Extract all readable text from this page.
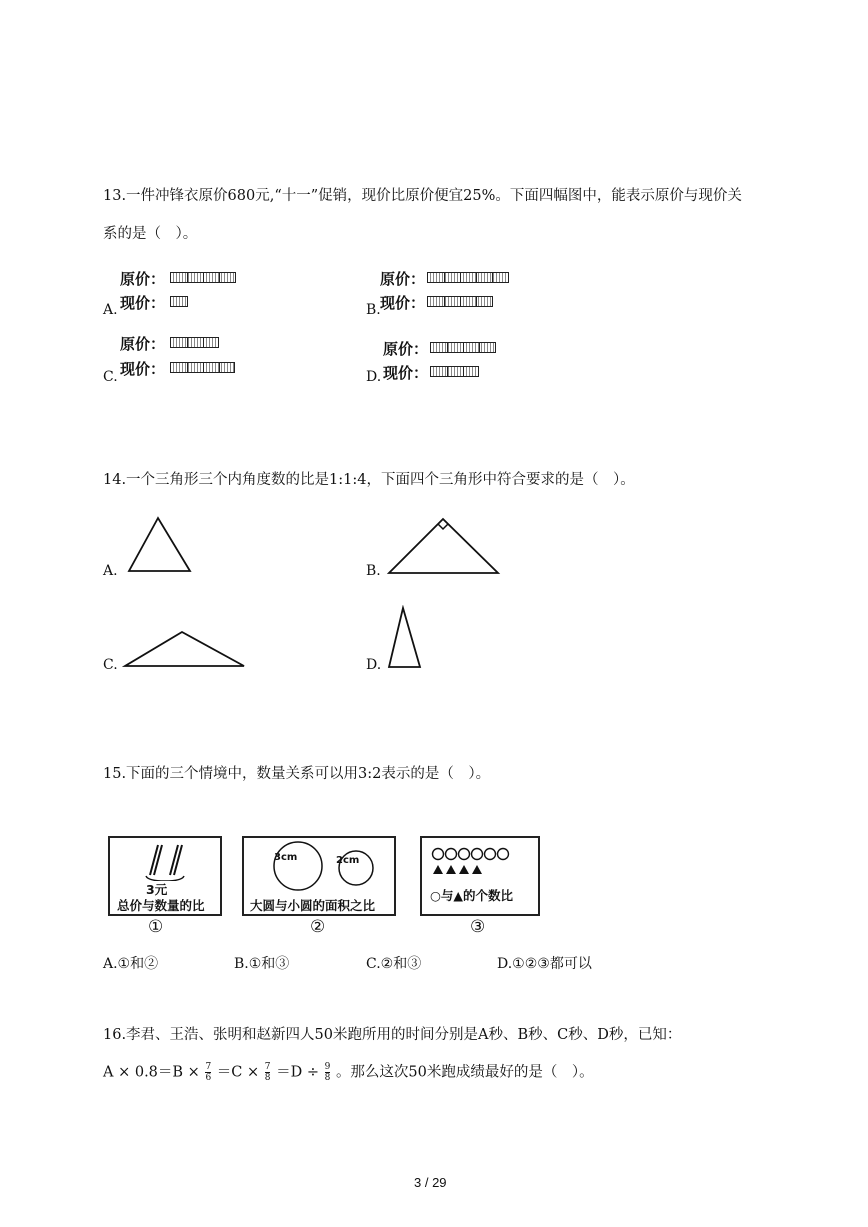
13.一件冲锋衣原价680元,“十一”促销，现价比原价便宜25%。下面四幅图中，能表示原价与现价关
系的是（　）。
原价：
现价：
A.
原价：
现价：
B.
原价：
现价：
C.
原价：
现价：
D.
14.一个三角形三个内角度数的比是1:1:4，下面四个三角形中符合要求的是（　）。
A.	B.
C.	D.
15.下面的三个情境中，数量关系可以用3:2表示的是（　）。
3元
总价与数量的比
①
3cm	2cm
大圆与小圆的面积之比
②
○与▲的个数比
③
A.①和②	B.①和③	C.②和③	D.①②③都可以
16.李君、王浩、张明和赵新四人50米跑所用的时间分别是A秒、B秒、C秒、D秒，已知：
$A \times 0.8=B \times \frac{7}{6} =C \times \frac{7}{8} =D \div \frac{9}{8}$ 。那么这次50米跑成绩最好的是（　）。
3 / 29
